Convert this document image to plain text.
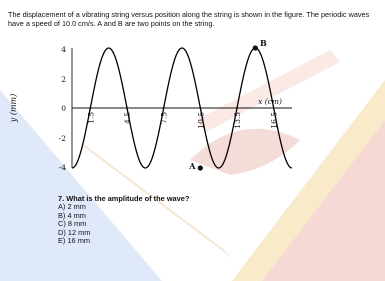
The displacement of a vibrating string versus position along the string is shown in the figure. The periodic waves have a speed of 10.0 cm/s. A and B are two points on the string.
y (mm)	x (cm)
4
2
0
-2
-4
1.5	4.5	7.5	10.5	13.5	16.5
A
B
7. What is the amplitude of the wave?
A) 2 mm
B) 4 mm
C) 8 mm
D) 12 mm
E) 16 mm
